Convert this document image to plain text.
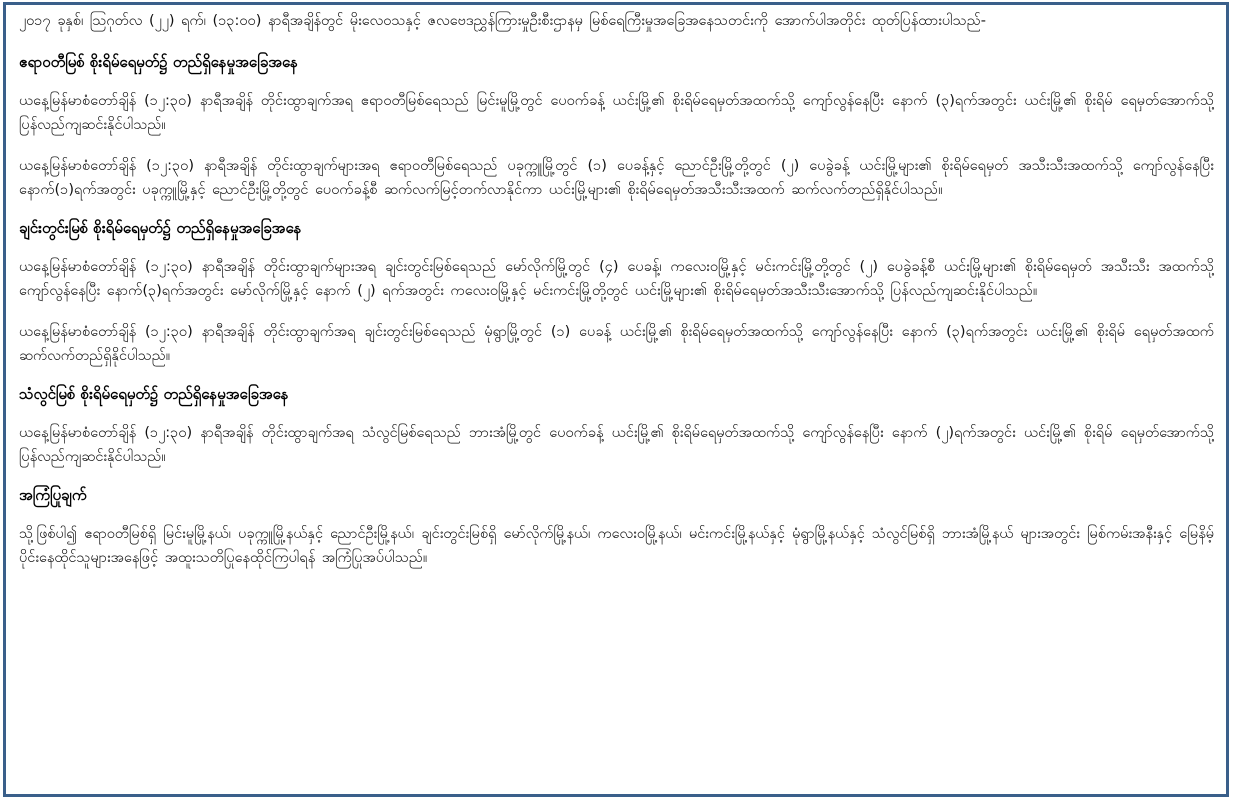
၂၀၁၇ ခုနှစ်၊ ဩဂုတ်လ (၂၂) ရက်၊ (၁၃:၀၀) နာရီအချိန်တွင် မိုးလေဝသနှင့် ဇလဗေဒညွှန်ကြားမှုဦးစီးဌာနမှ မြစ်ရေကြီးမှုအခြေအနေသတင်းကို အောက်ပါအတိုင်း ထုတ်ပြန်ထားပါသည်-

ဧရာဝတီမြစ် စိုးရိမ်ရေမှတ်၌ တည်ရှိနေမှုအခြေအနေ

ယနေ့မြန်မာစံတော်ချိန် (၁၂:၃၀) နာရီအချိန် တိုင်းထွာချက်အရ ဧရာဝတီမြစ်ရေသည် မြင်းမူမြို့တွင် ပေ၀က်ခန့် ယင်းမြို့၏ စိုးရိမ်ရေမှတ်အထက်သို့ ကျော်လွန်နေပြီး နောက် (၃)ရက်အတွင်း ယင်းမြို့၏ စိုးရိမ် ရေမှတ်အောက်သို့ ပြန်လည်ကျဆင်းနိုင်ပါသည်။

ယနေ့မြန်မာစံတော်ချိန် (၁၂:၃၀) နာရီအချိန် တိုင်းထွာချက်များအရ ဧရာဝတီမြစ်ရေသည် ပခုက္ကူမြို့တွင် (၁) ပေခန့်နှင့် ညောင်ဦးမြို့တို့တွင် (၂) ပေခွဲခန့် ယင်းမြို့များ၏ စိုးရိမ်ရေမှတ် အသီးသီးအထက်သို့ ကျော်လွန်နေပြီး နောက်(၁)ရက်အတွင်း ပခုက္ကူမြို့နှင့် ညောင်ဦးမြို့တို့တွင် ပေ၀က်ခန့်စီ ဆက်လက်မြင့်တက်လာနိုင်ကာ ယင်းမြို့များ၏ စိုးရိမ်ရေမှတ်အသီးသီးအထက် ဆက်လက်တည်ရှိနိုင်ပါသည်။

ချင်းတွင်းမြစ် စိုးရိမ်ရေမှတ်၌ တည်ရှိနေမှုအခြေအနေ

ယနေ့မြန်မာစံတော်ချိန် (၁၂:၃၀) နာရီအချိန် တိုင်းထွာချက်များအရ ချင်းတွင်းမြစ်ရေသည် မော်လိုက်မြို့တွင် (၄) ပေခန့်၊ ကလေးဝမြို့နှင့် မင်းကင်းမြို့တို့တွင် (၂) ပေခွဲခန့်စီ ယင်းမြို့များ၏ စိုးရိမ်ရေမှတ် အသီးသီး အထက်သို့ ကျော်လွန်နေပြီး နောက်(၃)ရက်အတွင်း မော်လိုက်မြို့နှင့် နောက် (၂) ရက်အတွင်း ကလေးဝမြို့နှင့် မင်းကင်းမြို့တို့တွင် ယင်းမြို့များ၏ စိုးရိမ်ရေမှတ်အသီးသီးအောက်သို့ ပြန်လည်ကျဆင်းနိုင်ပါသည်။

ယနေ့မြန်မာစံတော်ချိန် (၁၂:၃၀) နာရီအချိန် တိုင်းထွာချက်အရ ချင်းတွင်းမြစ်ရေသည် မုံရွာမြို့တွင် (၁) ပေခန့် ယင်းမြို့၏ စိုးရိမ်ရေမှတ်အထက်သို့ ကျော်လွန်နေပြီး နောက် (၃)ရက်အတွင်း ယင်းမြို့၏ စိုးရိမ် ရေမှတ်အထက် ဆက်လက်တည်ရှိနိုင်ပါသည်။

သံလွင်မြစ် စိုးရိမ်ရေမှတ်၌ တည်ရှိနေမှုအခြေအနေ

ယနေ့မြန်မာစံတော်ချိန် (၁၂:၃၀) နာရီအချိန် တိုင်းထွာချက်အရ သံလွင်မြစ်ရေသည် ဘားအံမြို့တွင် ပေ၀က်ခန့် ယင်းမြို့၏ စိုးရိမ်ရေမှတ်အထက်သို့ ကျော်လွန်နေပြီး နောက် (၂)ရက်အတွင်း ယင်းမြို့၏ စိုးရိမ် ရေမှတ်အောက်သို့ ပြန်လည်ကျဆင်းနိုင်ပါသည်။

အကြံပြုချက်

သို့ဖြစ်ပါ၍ ဧရာဝတီမြစ်ရှိ မြင်းမူမြို့နယ်၊ ပခုက္ကူမြို့နယ်နှင့် ညောင်ဦးမြို့နယ်၊ ချင်းတွင်းမြစ်ရှိ မော်လိုက်မြို့နယ်၊ ကလေးဝမြို့နယ်၊ မင်းကင်းမြို့နယ်နှင့် မုံရွာမြို့နယ်နှင့် သံလွင်မြစ်ရှိ ဘားအံမြို့နယ် များအတွင်း မြစ်ကမ်းအနီးနှင့် မြေနိမ့်ပိုင်းနေထိုင်သူများအနေဖြင့် အထူးသတိပြုနေထိုင်ကြပါရန် အကြံပြုအပ်ပါသည်။
